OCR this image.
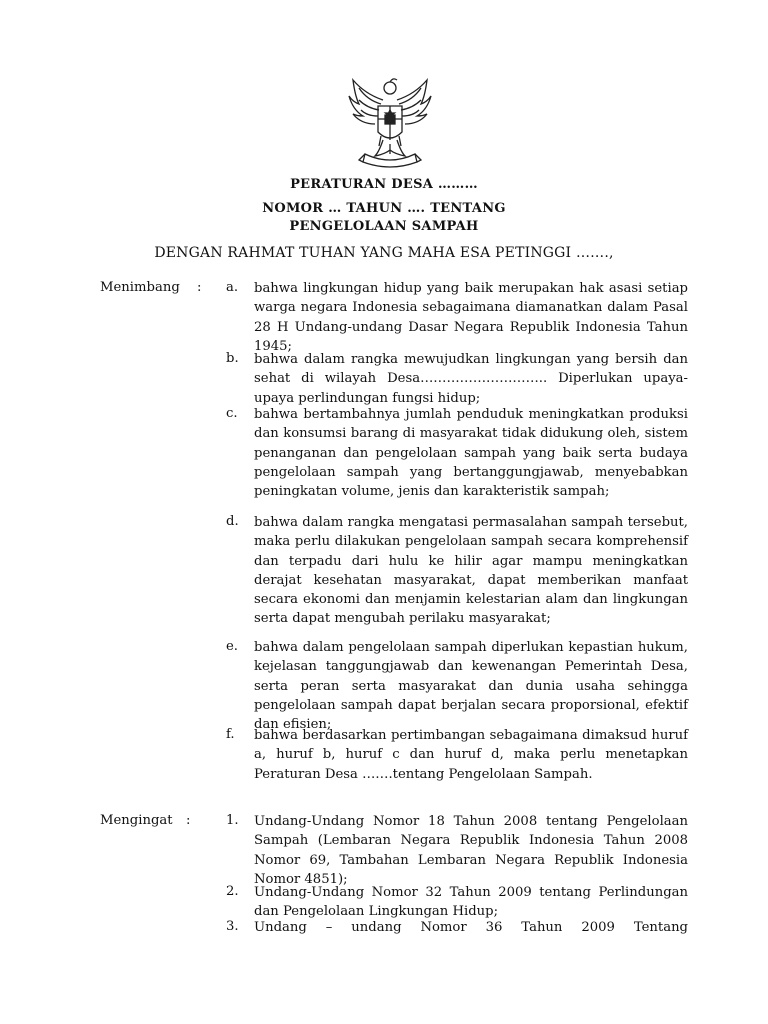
PERATURAN DESA ………
NOMOR … TAHUN …. TENTANG
PENGELOLAAN SAMPAH
DENGAN RAHMAT TUHAN YANG MAHA ESA PETINGGI …….,
Menimbang : a. bahwa lingkungan hidup yang baik merupakan hak asasi setiap warga negara Indonesia sebagaimana diamanatkan dalam Pasal 28 H Undang-undang Dasar Negara Republik Indonesia Tahun 1945;
b. bahwa dalam rangka mewujudkan lingkungan yang bersih dan sehat di wilayah Desa……………………….. Diperlukan upaya-upaya perlindungan fungsi hidup;
c. bahwa bertambahnya jumlah penduduk meningkatkan produksi dan konsumsi barang di masyarakat tidak didukung oleh, sistem penanganan dan pengelolaan sampah yang baik serta budaya pengelolaan sampah yang bertanggungjawab, menyebabkan peningkatan volume, jenis dan karakteristik sampah;
d. bahwa dalam rangka mengatasi permasalahan sampah tersebut, maka perlu dilakukan pengelolaan sampah secara komprehensif dan terpadu dari hulu ke hilir agar mampu meningkatkan derajat kesehatan masyarakat, dapat memberikan manfaat secara ekonomi dan menjamin kelestarian alam dan lingkungan serta dapat mengubah perilaku masyarakat;
e. bahwa dalam pengelolaan sampah diperlukan kepastian hukum, kejelasan tanggungjawab dan kewenangan Pemerintah Desa, serta peran serta masyarakat dan dunia usaha sehingga pengelolaan sampah dapat berjalan secara proporsional, efektif dan efisien;
f. bahwa berdasarkan pertimbangan sebagaimana dimaksud huruf a, huruf b, huruf c dan huruf d, maka perlu menetapkan Peraturan Desa …….tentang Pengelolaan Sampah.
Mengingat :	1. Undang-Undang Nomor 18 Tahun 2008 tentang Pengelolaan Sampah (Lembaran Negara Republik Indonesia Tahun 2008 Nomor 69, Tambahan Lembaran Negara Republik Indonesia Nomor 4851);
2. Undang-Undang Nomor 32 Tahun 2009 tentang Perlindungan dan Pengelolaan Lingkungan Hidup;
3. Undang – undang Nomor 36 Tahun 2009 Tentang
